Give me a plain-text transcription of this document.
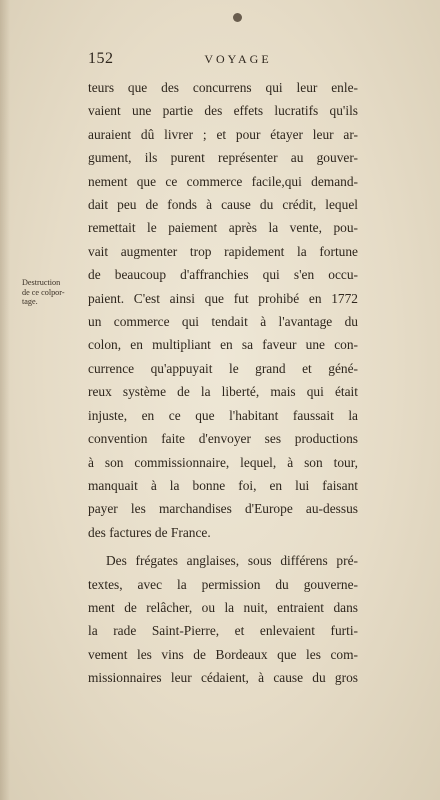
152	VOYAGE
Destruction
de ce colpor-
tage.
teurs que des concurrens qui leur enle-
vaient une partie des effets lucratifs qu'ils
auraient dû livrer ; et pour étayer leur ar-
gument, ils purent représenter au gouver-
nement que ce commerce facile,qui demand-
dait peu de fonds à cause du crédit, lequel
remettait le paiement après la vente, pou-
vait augmenter trop rapidement la fortune
de beaucoup d'affranchies qui s'en occu-
paient. C'est ainsi que fut prohibé en 1772
un commerce qui tendait à l'avantage du
colon, en multipliant en sa faveur une con-
currence qu'appuyait le grand et géné-
reux système de la liberté, mais qui était
injuste, en ce que l'habitant faussait la
convention faite d'envoyer ses productions
à son commissionnaire, lequel, à son tour,
manquait à la bonne foi, en lui faisant
payer les marchandises d'Europe au-dessus
des factures de France.
Des frégates anglaises, sous différens pré-
textes, avec la permission du gouverne-
ment de relâcher, ou la nuit, entraient dans
la rade Saint-Pierre, et enlevaient furti-
vement les vins de Bordeaux que les com-
missionnaires leur cédaient, à cause du gros
